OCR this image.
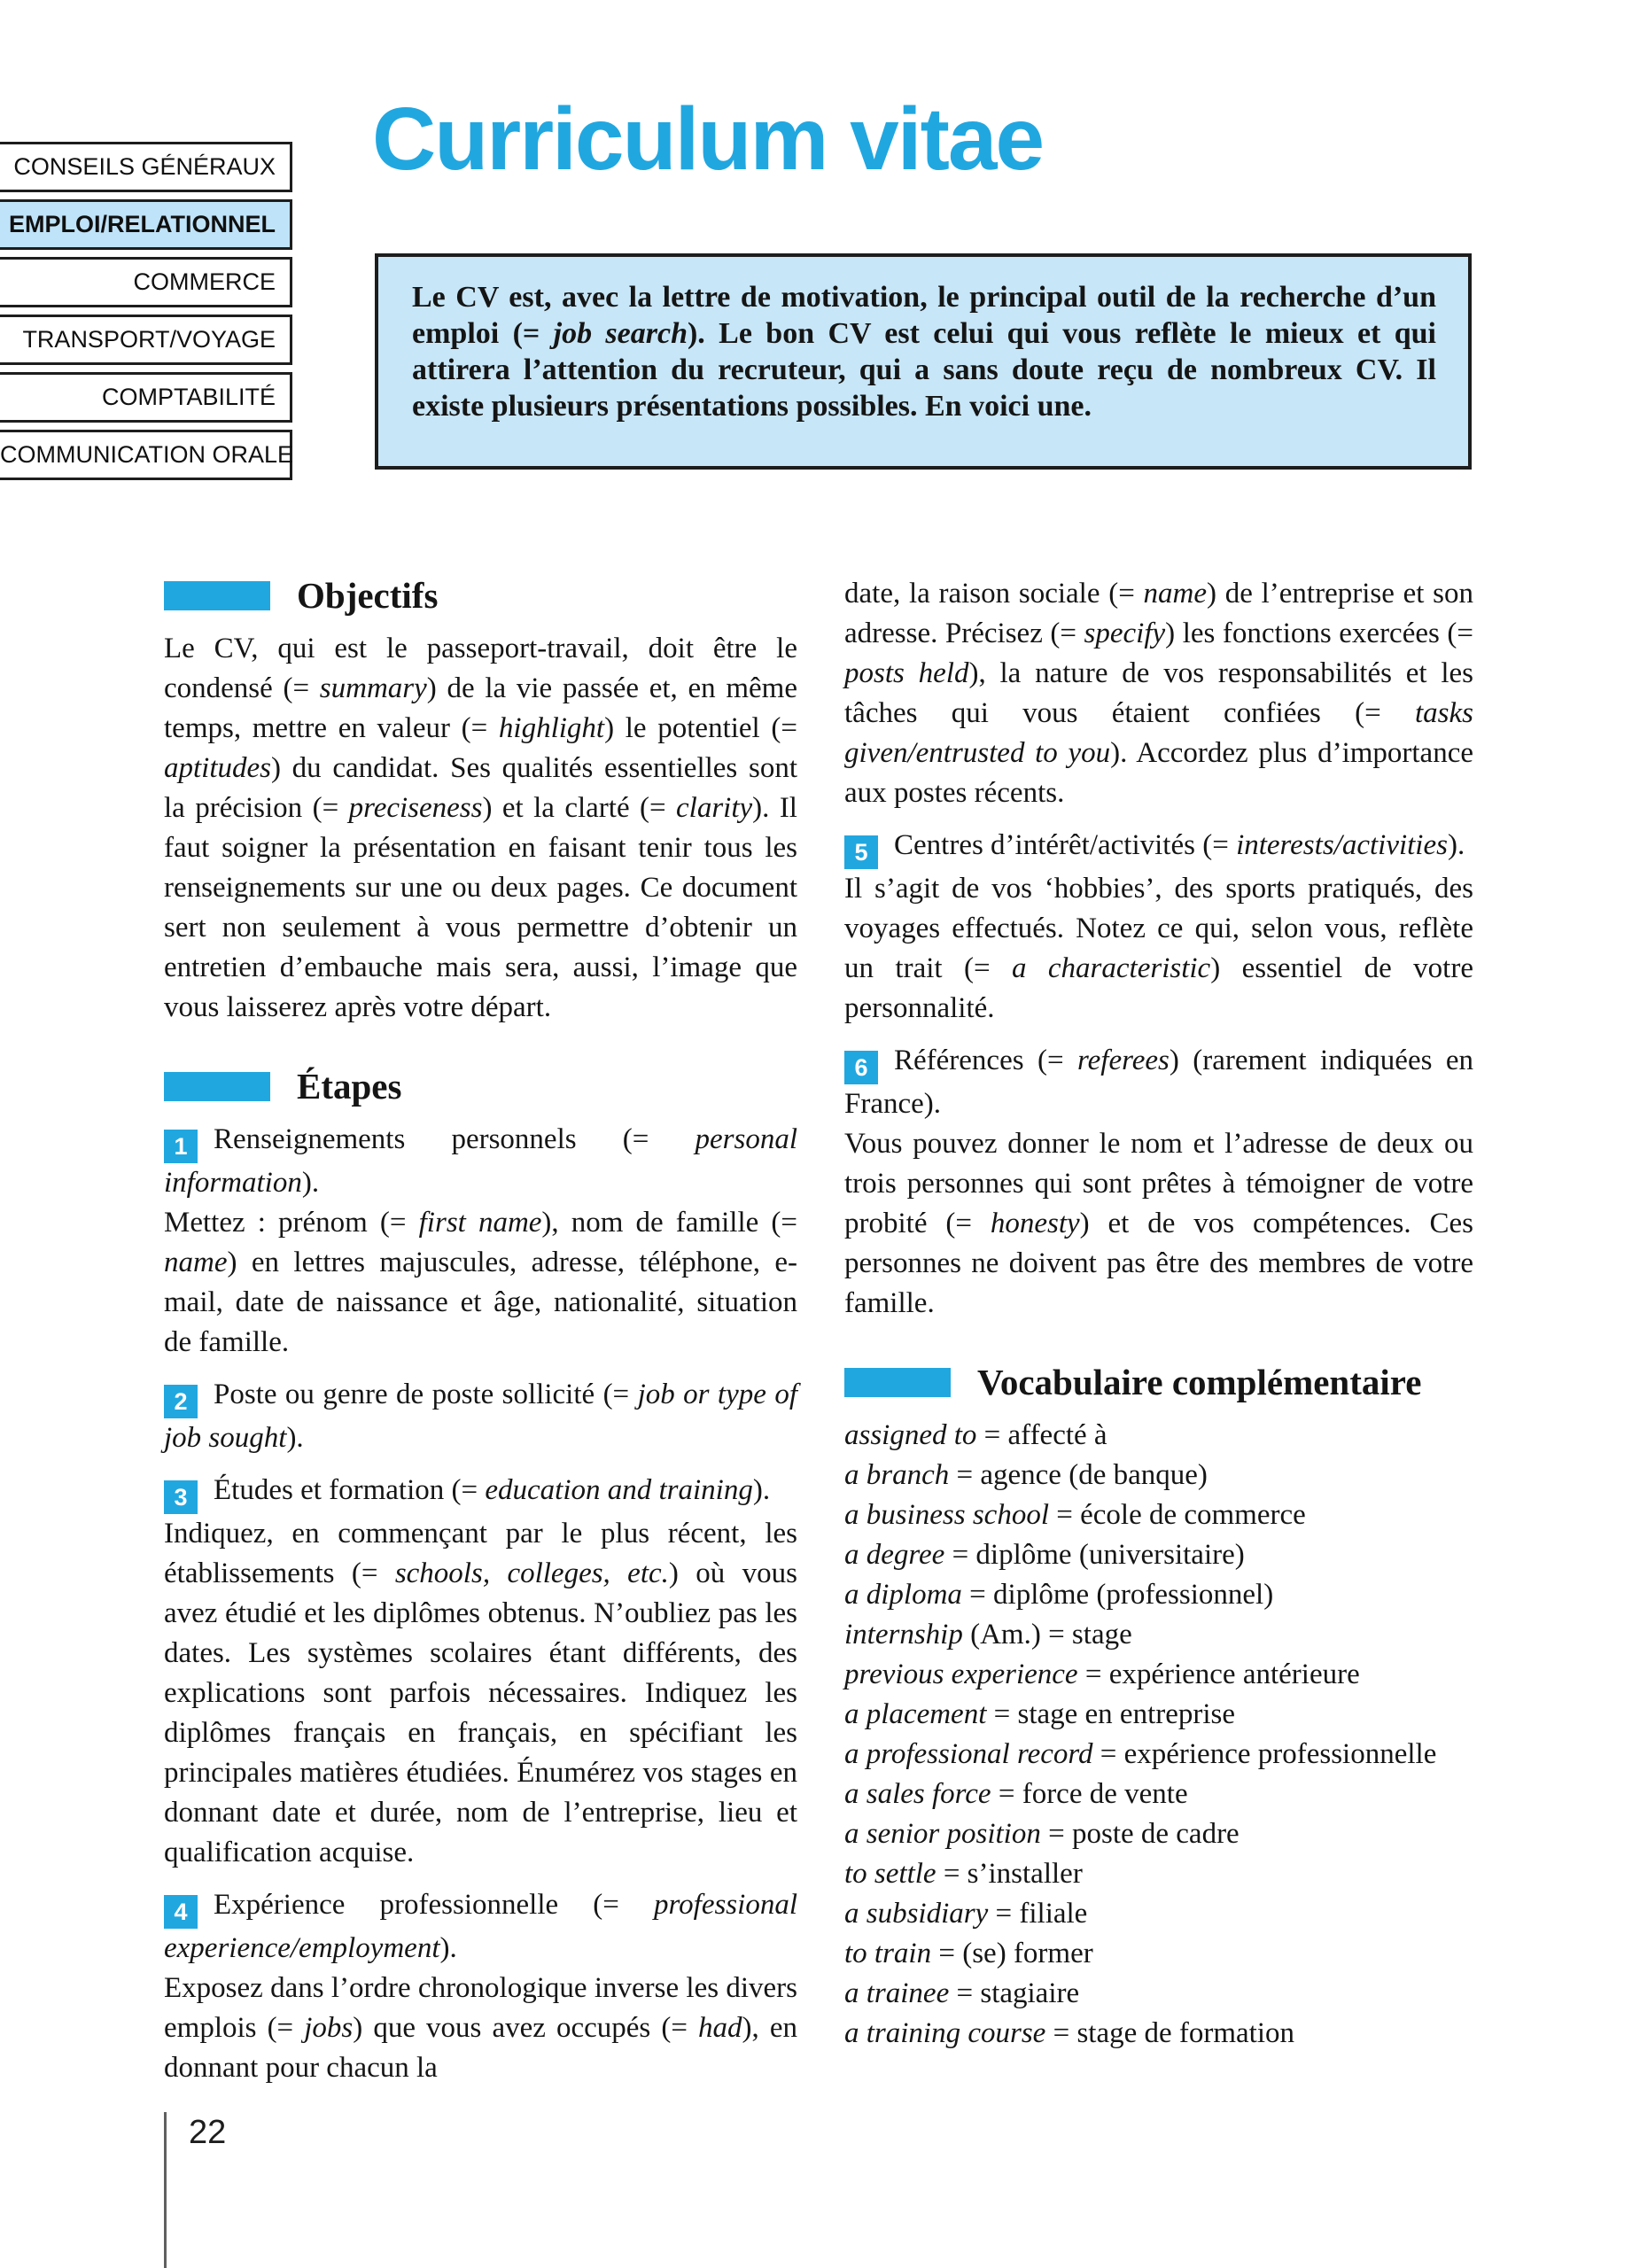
CONSEILS GÉNÉRAUX
EMPLOI/RELATIONNEL
COMMERCE
TRANSPORT/VOYAGE
COMPTABILITÉ
COMMUNICATION ORALE
Curriculum vitae
Le CV est, avec la lettre de motivation, le principal outil de la recherche d’un emploi (= job search). Le bon CV est celui qui vous reflète le mieux et qui attirera l’attention du recruteur, qui a sans doute reçu de nombreux CV. Il existe plusieurs présentations possibles. En voici une.
Objectifs

Le CV, qui est le passeport-travail, doit être le condensé (= summary) de la vie passée et, en même temps, mettre en valeur (= highlight) le potentiel (= aptitudes) du candidat. Ses qualités essentielles sont la précision (= preciseness) et la clarté (= clarity). Il faut soigner la présentation en faisant tenir tous les renseignements sur une ou deux pages. Ce document sert non seulement à vous permettre d’obtenir un entretien d’embauche mais sera, aussi, l’image que vous laisserez après votre départ.

Étapes

1 Renseignements personnels (= personal information).

Mettez : prénom (= first name), nom de famille (= name) en lettres majuscules, adresse, téléphone, e-mail, date de naissance et âge, nationalité, situation de famille.

2 Poste ou genre de poste sollicité (= job or type of job sought).

3 Études et formation (= education and training).

Indiquez, en commençant par le plus récent, les établissements (= schools, colleges, etc.) où vous avez étudié et les diplômes obtenus. N’oubliez pas les dates. Les systèmes scolaires étant différents, des explications sont parfois nécessaires. Indiquez les diplômes français en français, en spécifiant les principales matières étudiées. Énumérez vos stages en donnant date et durée, nom de l’entreprise, lieu et qualification acquise.

4 Expérience professionnelle (= professional experience/employment).

Exposez dans l’ordre chronologique inverse les divers emplois (= jobs) que vous avez occupés (= had), en donnant pour chacun la

date, la raison sociale (= name) de l’entreprise et son adresse. Précisez (= specify) les fonctions exercées (= posts held), la nature de vos responsabilités et les tâches qui vous étaient confiées (= tasks given/entrusted to you). Accordez plus d’importance aux postes récents.

5 Centres d’intérêt/activités (= interests/activities).

Il s’agit de vos ‘hobbies’, des sports pratiqués, des voyages effectués. Notez ce qui, selon vous, reflète un trait (= a characteristic) essentiel de votre personnalité.

6 Références (= referees) (rarement indiquées en France).

Vous pouvez donner le nom et l’adresse de deux ou trois personnes qui sont prêtes à témoigner de votre probité (= honesty) et de vos compétences. Ces personnes ne doivent pas être des membres de votre famille.

Vocabulaire complémentaire

assigned to = affecté à

a branch = agence (de banque)

a business school = école de commerce

a degree = diplôme (universitaire)

a diploma = diplôme (professionnel)

internship (Am.) = stage

previous experience = expérience antérieure

a placement = stage en entreprise

a professional record = expérience professionnelle

a sales force = force de vente

a senior position = poste de cadre

to settle = s’installer

a subsidiary = filiale

to train = (se) former

a trainee = stagiaire

a training course = stage de formation

22
